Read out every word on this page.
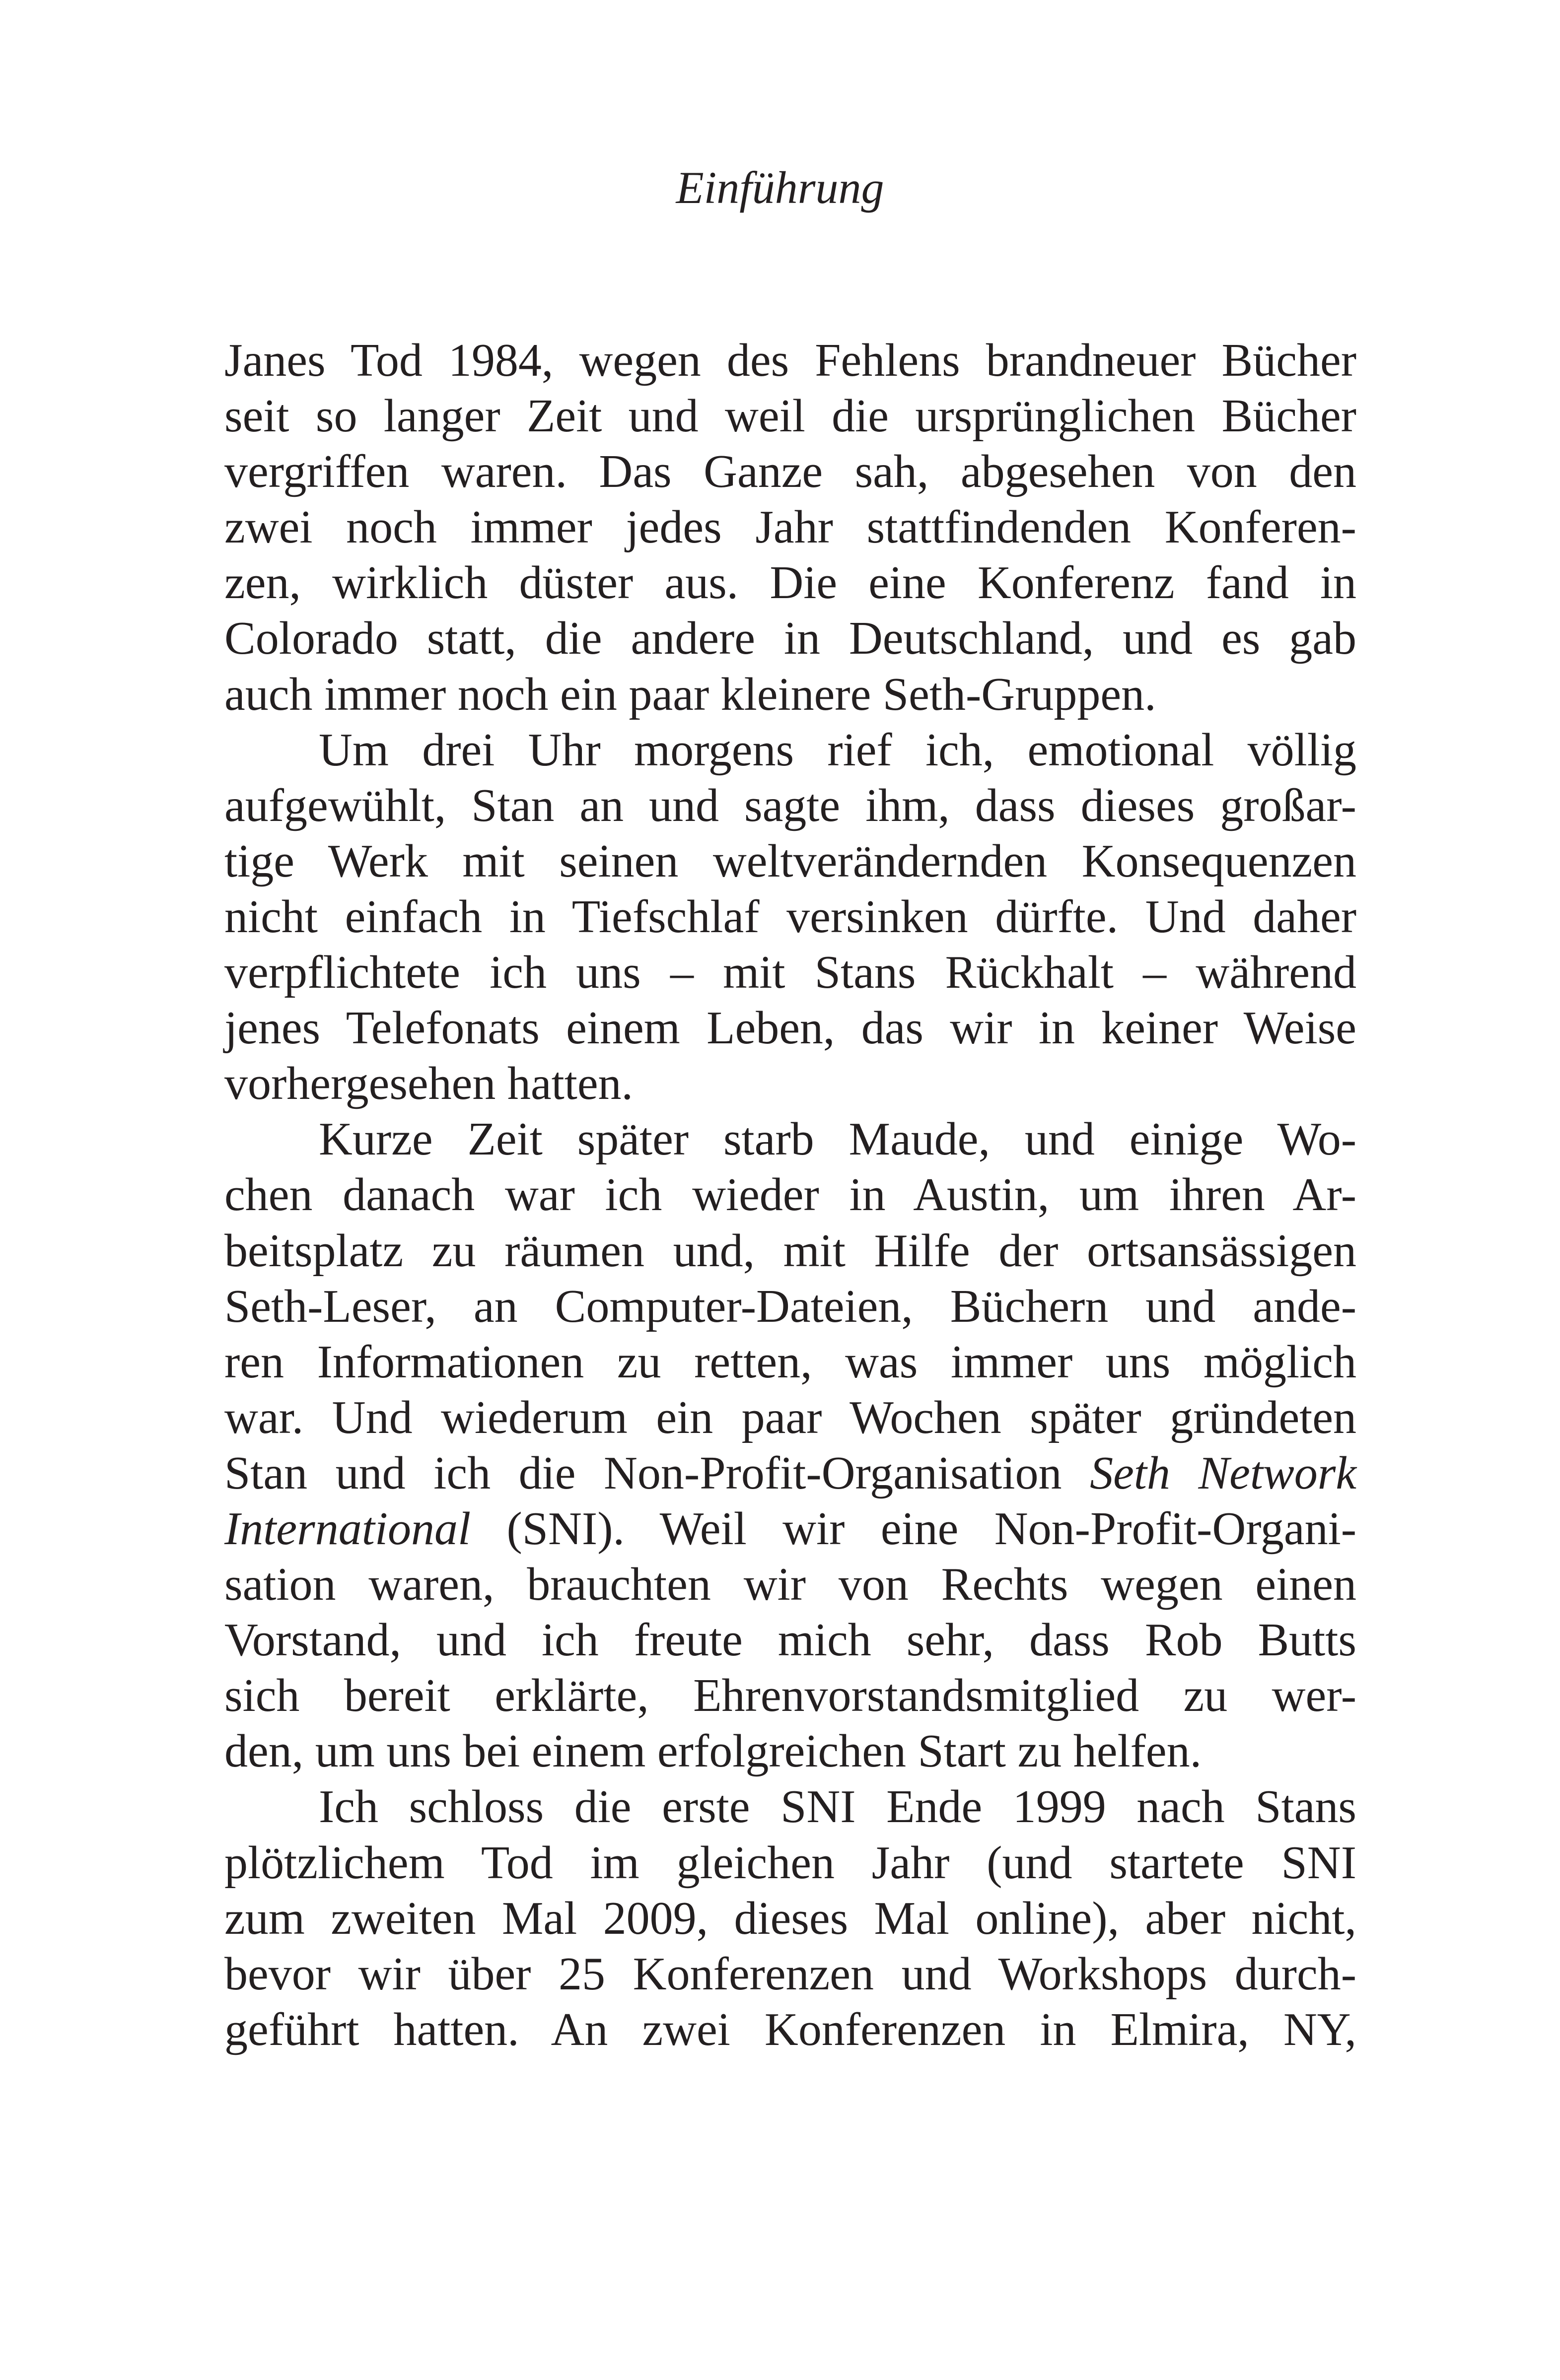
Einführung
Janes Tod 1984, wegen des Fehlens brandneuer Bücher
seit so langer Zeit und weil die ursprünglichen Bücher
vergriffen waren. Das Ganze sah, abgesehen von den
zwei noch immer jedes Jahr stattfindenden Konferen-
zen, wirklich düster aus. Die eine Konferenz fand in
Colorado statt, die andere in Deutschland, und es gab
auch immer noch ein paar kleinere Seth-Gruppen.
Um drei Uhr morgens rief ich, emotional völlig
aufgewühlt, Stan an und sagte ihm, dass dieses großar-
tige Werk mit seinen weltverändernden Konsequenzen
nicht einfach in Tiefschlaf versinken dürfte. Und daher
verpflichtete ich uns – mit Stans Rückhalt – während
jenes Telefonats einem Leben, das wir in keiner Weise
vorhergesehen hatten.
Kurze Zeit später starb Maude, und einige Wo-
chen danach war ich wieder in Austin, um ihren Ar-
beitsplatz zu räumen und, mit Hilfe der ortsansässigen
Seth-Leser, an Computer-Dateien, Büchern und ande-
ren Informationen zu retten, was immer uns möglich
war. Und wiederum ein paar Wochen später gründeten
Stan und ich die Non-Profit-Organisation Seth Network
International (SNI). Weil wir eine Non-Profit-Organi-
sation waren, brauchten wir von Rechts wegen einen
Vorstand, und ich freute mich sehr, dass Rob Butts
sich bereit erklärte, Ehrenvorstandsmitglied zu wer-
den, um uns bei einem erfolgreichen Start zu helfen.
Ich schloss die erste SNI Ende 1999 nach Stans
plötzlichem Tod im gleichen Jahr (und startete SNI
zum zweiten Mal 2009, dieses Mal online), aber nicht,
bevor wir über 25 Konferenzen und Workshops durch-
geführt hatten. An zwei Konferenzen in Elmira, NY,
